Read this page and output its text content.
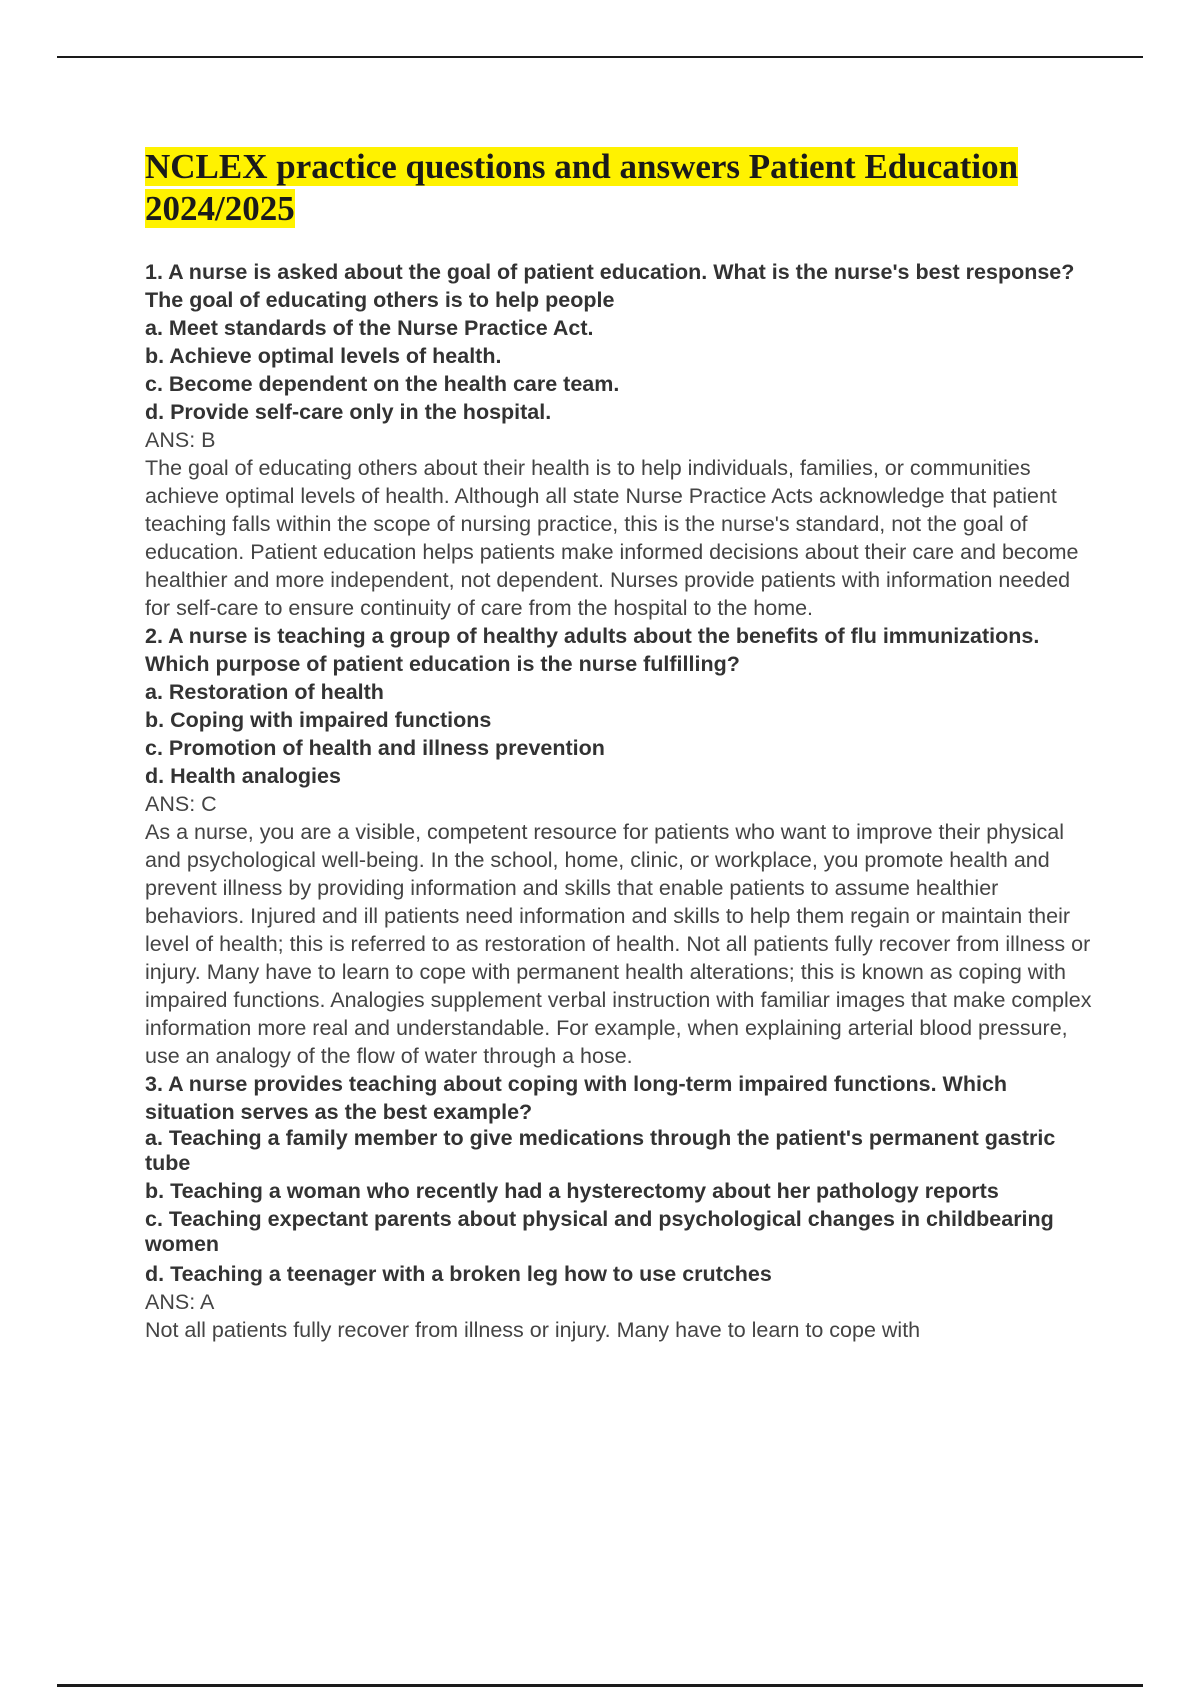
NCLEX practice questions and answers Patient Education 2024/2025
1. A nurse is asked about the goal of patient education. What is the nurse's best response? The goal of educating others is to help people
a. Meet standards of the Nurse Practice Act.
b. Achieve optimal levels of health.
c. Become dependent on the health care team.
d. Provide self-care only in the hospital.
ANS: B
The goal of educating others about their health is to help individuals, families, or communities achieve optimal levels of health. Although all state Nurse Practice Acts acknowledge that patient teaching falls within the scope of nursing practice, this is the nurse's standard, not the goal of education. Patient education helps patients make informed decisions about their care and become healthier and more independent, not dependent. Nurses provide patients with information needed for self-care to ensure continuity of care from the hospital to the home.
2. A nurse is teaching a group of healthy adults about the benefits of flu immunizations. Which purpose of patient education is the nurse fulfilling?
a. Restoration of health
b. Coping with impaired functions
c. Promotion of health and illness prevention
d. Health analogies
ANS: C
As a nurse, you are a visible, competent resource for patients who want to improve their physical and psychological well-being. In the school, home, clinic, or workplace, you promote health and prevent illness by providing information and skills that enable patients to assume healthier behaviors. Injured and ill patients need information and skills to help them regain or maintain their level of health; this is referred to as restoration of health. Not all patients fully recover from illness or injury. Many have to learn to cope with permanent health alterations; this is known as coping with impaired functions. Analogies supplement verbal instruction with familiar images that make complex information more real and understandable. For example, when explaining arterial blood pressure, use an analogy of the flow of water through a hose.
3. A nurse provides teaching about coping with long-term impaired functions. Which situation serves as the best example?
a. Teaching a family member to give medications through the patient's permanent gastric tube
b. Teaching a woman who recently had a hysterectomy about her pathology reports
c. Teaching expectant parents about physical and psychological changes in childbearing women
d. Teaching a teenager with a broken leg how to use crutches
ANS: A
Not all patients fully recover from illness or injury. Many have to learn to cope with
